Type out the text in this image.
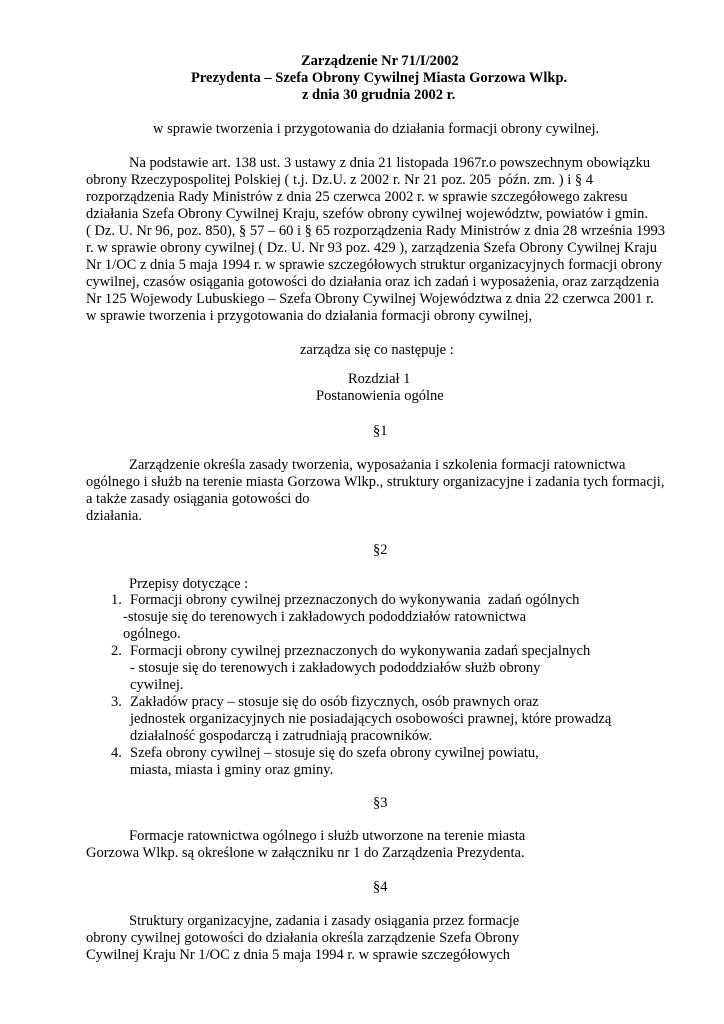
Zarządzenie Nr 71/I/2002
Prezydenta – Szefa Obrony Cywilnej Miasta Gorzowa Wlkp.
z dnia 30 grudnia 2002 r.
w sprawie tworzenia i przygotowania do działania formacji obrony cywilnej.
Na podstawie art. 138 ust. 3 ustawy z dnia 21 listopada 1967r.o powszechnym obowiązku
obrony Rzeczypospolitej Polskiej ( t.j. Dz.U. z 2002 r. Nr 21 poz. 205  późn. zm. ) i § 4
rozporządzenia Rady Ministrów z dnia 25 czerwca 2002 r. w sprawie szczegółowego zakresu
działania Szefa Obrony Cywilnej Kraju, szefów obrony cywilnej województw, powiatów i gmin.
( Dz. U. Nr 96, poz. 850), § 57 – 60 i § 65 rozporządzenia Rady Ministrów z dnia 28 września 1993
r. w sprawie obrony cywilnej ( Dz. U. Nr 93 poz. 429 ), zarządzenia Szefa Obrony Cywilnej Kraju
Nr 1/OC z dnia 5 maja 1994 r. w sprawie szczegółowych struktur organizacyjnych formacji obrony
cywilnej, czasów osiągania gotowości do działania oraz ich zadań i wyposażenia, oraz zarządzenia
Nr 125 Wojewody Lubuskiego – Szefa Obrony Cywilnej Województwa z dnia 22 czerwca 2001 r.
w sprawie tworzenia i przygotowania do działania formacji obrony cywilnej,
zarządza się co następuje :
Rozdział 1
Postanowienia ogólne
§1
Zarządzenie określa zasady tworzenia, wyposażania i szkolenia formacji ratownictwa
ogólnego i służb na terenie miasta Gorzowa Wlkp., struktury organizacyjne i zadania tych formacji,
a także zasady osiągania gotowości do
działania.
§2
Przepisy dotyczące :
1. Formacji obrony cywilnej przeznaczonych do wykonywania  zadań ogólnych
-stosuje się do terenowych i zakładowych pododdziałów ratownictwa
ogólnego.
2. Formacji obrony cywilnej przeznaczonych do wykonywania zadań specjalnych
- stosuje się do terenowych i zakładowych pododdziałów służb obrony
cywilnej.
3. Zakładów pracy – stosuje się do osób fizycznych, osób prawnych oraz
jednostek organizacyjnych nie posiadających osobowości prawnej, które prowadzą
działalność gospodarczą i zatrudniają pracowników.
4. Szefa obrony cywilnej – stosuje się do szefa obrony cywilnej powiatu,
miasta, miasta i gminy oraz gminy.
§3
Formacje ratownictwa ogólnego i służb utworzone na terenie miasta
Gorzowa Wlkp. są określone w załączniku nr 1 do Zarządzenia Prezydenta.
§4
Struktury organizacyjne, zadania i zasady osiągania przez formacje
obrony cywilnej gotowości do działania określa zarządzenie Szefa Obrony
Cywilnej Kraju Nr 1/OC z dnia 5 maja 1994 r. w sprawie szczegółowych
